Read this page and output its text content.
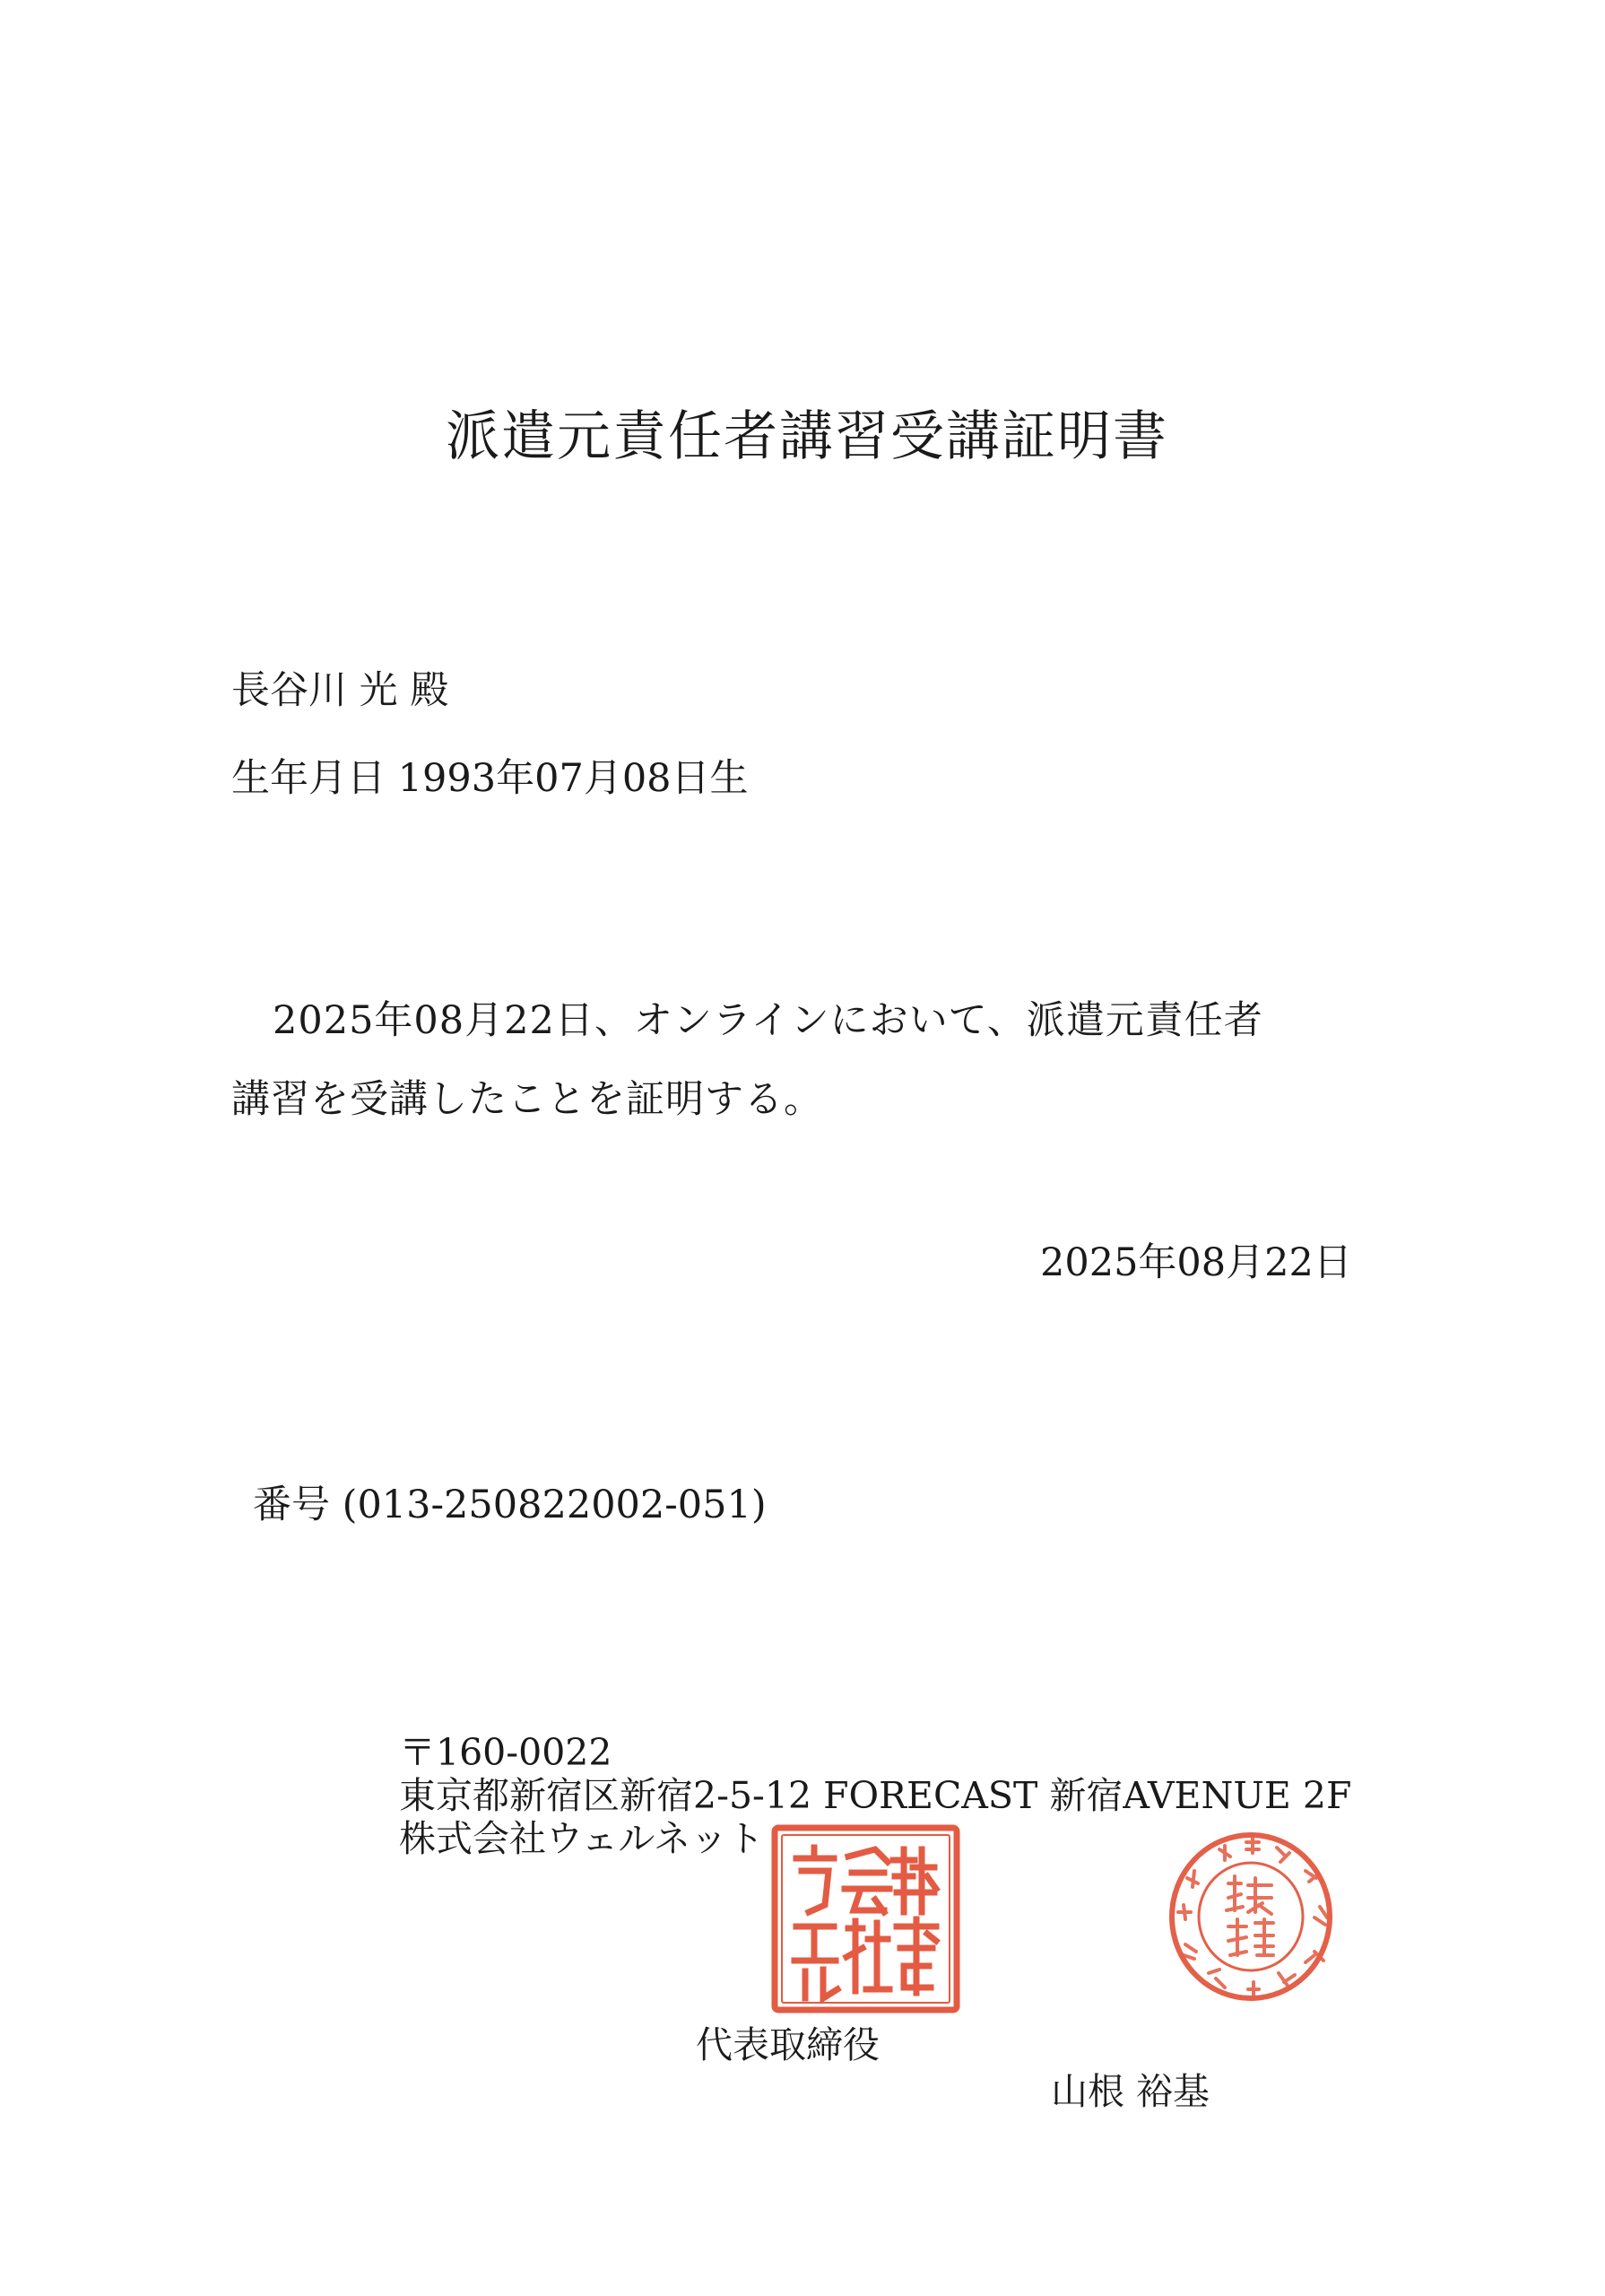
派遣元責任者講習受講証明書
長谷川 光 殿
生年月日 1993年07月08日生
2025年08月22日、オンラインにおいて、派遣元責任者
講習を受講したことを証明する。
2025年08月22日
番号 (013-250822002-051)
〒160-0022
東京都新宿区新宿2-5-12 FORECAST 新宿AVENUE 2F
株式会社ウェルネット
代表取締役
山根 裕基
